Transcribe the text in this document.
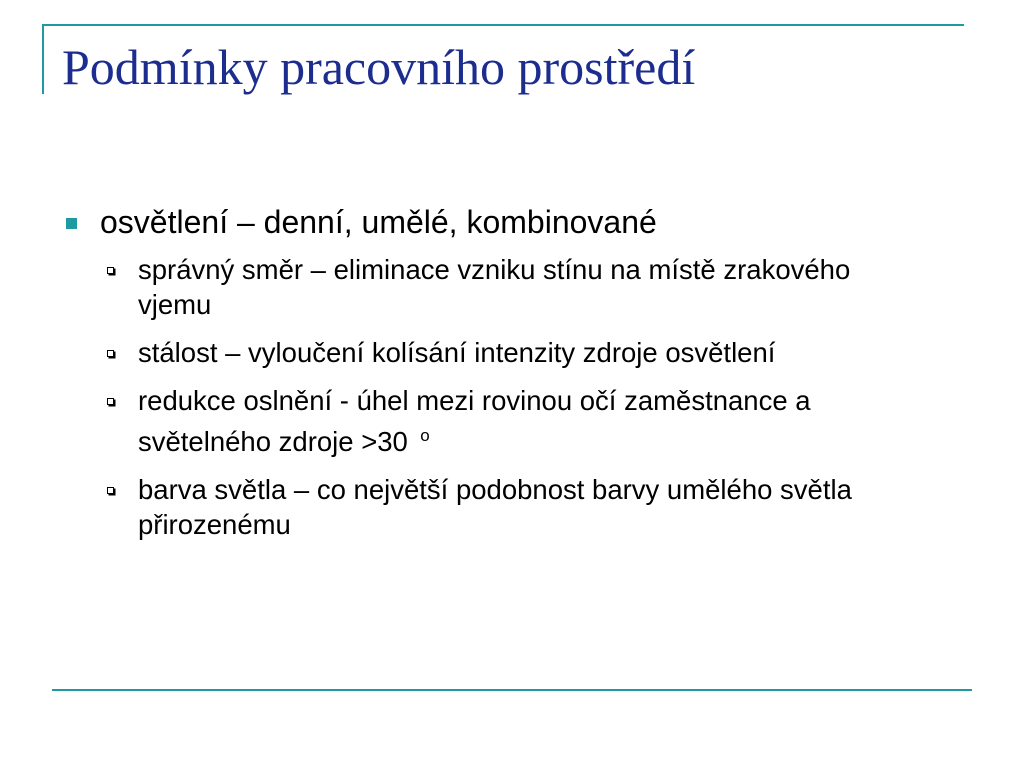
Podmínky pracovního prostředí
osvětlení – denní, umělé, kombinované
správný směr – eliminace vzniku stínu na místě zrakového vjemu
stálost – vyloučení kolísání intenzity zdroje osvětlení
redukce oslnění - úhel mezi rovinou očí zaměstnance a světelného zdroje >30  $^o$
barva světla – co největší podobnost barvy umělého světla přirozenému
